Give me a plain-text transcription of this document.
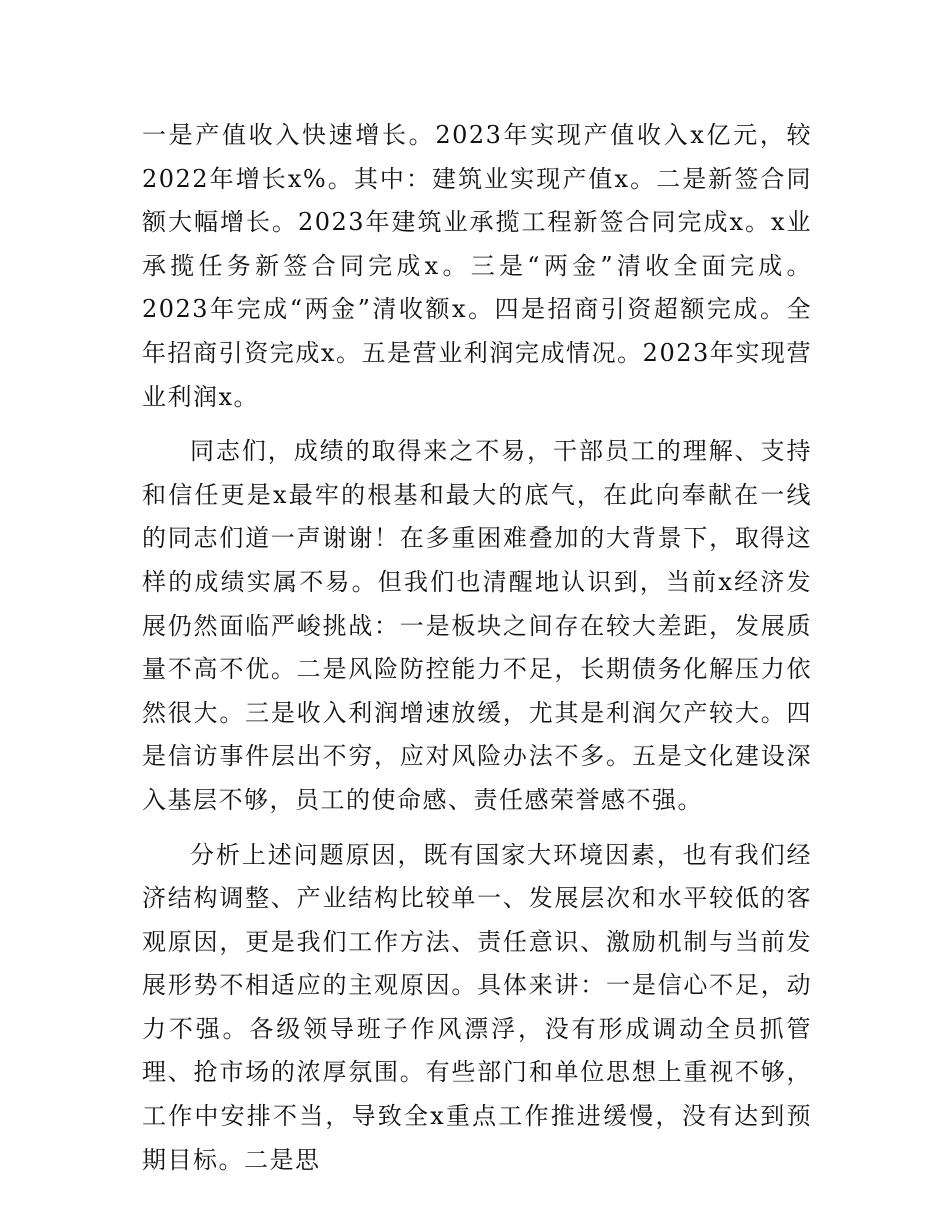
一是产值收入快速增长。2023年实现产值收入x亿元，较2022年增长x%。其中：建筑业实现产值x。二是新签合同额大幅增长。2023年建筑业承揽工程新签合同完成x。x业承揽任务新签合同完成x。三是“两金”清收全面完成。2023年完成“两金”清收额x。四是招商引资超额完成。全年招商引资完成x。五是营业利润完成情况。2023年实现营业利润x。

同志们，成绩的取得来之不易，干部员工的理解、支持和信任更是x最牢的根基和最大的底气，在此向奉献在一线的同志们道一声谢谢！在多重困难叠加的大背景下，取得这样的成绩实属不易。但我们也清醒地认识到，当前x经济发展仍然面临严峻挑战：一是板块之间存在较大差距，发展质量不高不优。二是风险防控能力不足，长期债务化解压力依然很大。三是收入利润增速放缓，尤其是利润欠产较大。四是信访事件层出不穷，应对风险办法不多。五是文化建设深入基层不够，员工的使命感、责任感荣誉感不强。

分析上述问题原因，既有国家大环境因素，也有我们经济结构调整、产业结构比较单一、发展层次和水平较低的客观原因，更是我们工作方法、责任意识、激励机制与当前发展形势不相适应的主观原因。具体来讲：一是信心不足，动力不强。各级领导班子作风漂浮，没有形成调动全员抓管理、抢市场的浓厚氛围。有些部门和单位思想上重视不够，工作中安排不当，导致全x重点工作推进缓慢，没有达到预期目标。二是思
